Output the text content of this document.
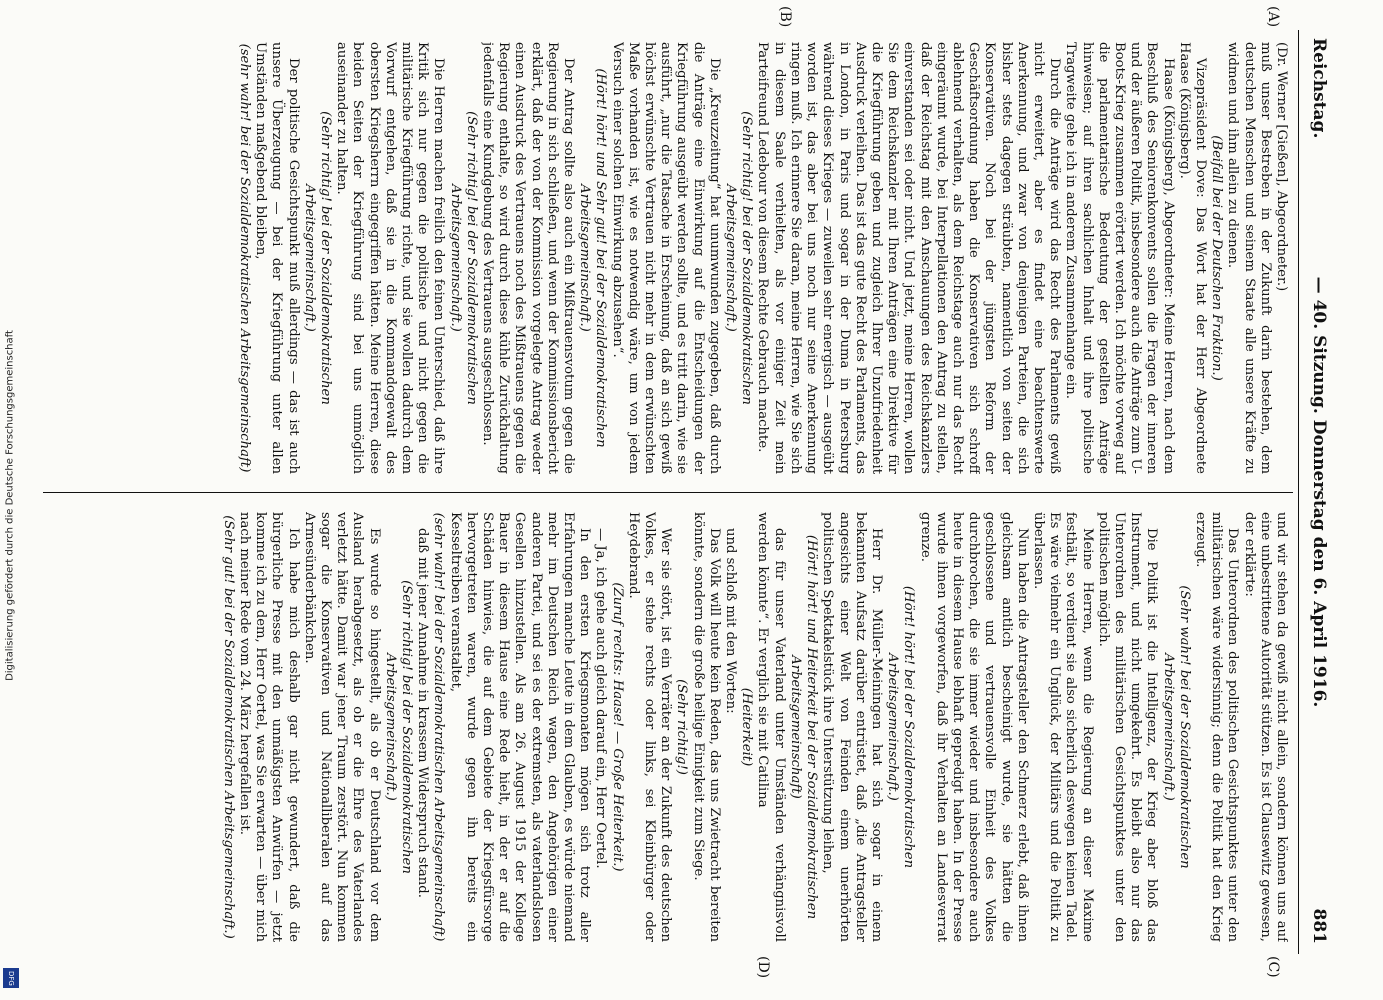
Digitalisierung gefördert durch die Deutsche Forschungsgemeinschaft
DFG
Reichstag.
— 40. Sitzung. Donnerstag den 6. April 1916.
881
(A)
(B)
(C)
(D)

(Dr. Werner [Gießen], Abgeordneter.)

muß unser Bestreben in der Zukunft darin bestehen, dem deutschen Menschen und seinem Staate alle unsere Kräfte zu widmen und ihm allein zu dienen.

(Beifall bei der Deutschen Fraktion.)

Vizepräsident Dove: Das Wort hat der Herr Abgeordnete Haase (Königsberg).

Haase (Königsberg), Abgeordneter: Meine Herren, nach dem Beschluß des Seniorenkonvents sollen die Fragen der inneren und der äußeren Politik, insbesondere auch die Anträge zum U-Boots-Krieg zusammen erörtert werden. Ich möchte vorweg auf die parlamentarische Bedeutung der gestellten Anträge hinweisen; auf ihren sachlichen Inhalt und ihre politische Tragweite gehe ich in anderem Zusammenhange ein.

Durch die Anträge wird das Recht des Parlaments gewiß nicht erweitert, aber es findet eine beachtenswerte Anerkennung, und zwar von denjenigen Parteien, die sich bisher stets dagegen sträubten, namentlich von seiten der Konservativen. Noch bei der jüngsten Reform der Geschäftsordnung haben die Konservativen sich schroff ablehnend verhalten, als dem Reichstage auch nur das Recht eingeräumt wurde, bei Interpellationen den Antrag zu stellen, daß der Reichstag mit den Anschauungen des Reichskanzlers einverstanden sei oder nicht. Und jetzt, meine Herren, wollen Sie dem Reichskanzler mit Ihren Anträgen eine Direktive für die Kriegführung geben und zugleich Ihrer Unzufriedenheit Ausdruck verleihen. Das ist das gute Recht des Parlaments, das in London, in Paris und sogar in der Duma in Petersburg während dieses Krieges — zuweilen sehr energisch — ausgeübt worden ist, das aber bei uns noch nur seine Anerkennung ringen muß. Ich erinnere Sie daran, meine Herren, wie Sie sich in diesem Saale verhielten, als vor einiger Zeit mein Parteifreund Ledebour von diesem Rechte Gebrauch machte.

(Sehr richtig! bei der Sozialdemokratischen Arbeitsgemeinschaft.)

Die „Kreuzzeitung“ hat unumwunden zugegeben, daß durch die Anträge eine Einwirkung auf die Entscheidungen der Kriegführung ausgeübt werden sollte, und es tritt darin, wie sie ausführt, „nur die Tatsache in Erscheinung, daß an sich gewiß höchst erwünschte Vertrauen nicht mehr in dem erwünschten Maße vorhanden ist, wie es notwendig wäre, um von jedem Versuch einer solchen Einwirkung abzusehen“.

(Hört! hört! und Sehr gut! bei der Sozialdemokratischen Arbeitsgemeinschaft.)

Der Antrag sollte also auch ein Mißtrauensvotum gegen die Regierung in sich schließen, und wenn der Kommissionsbericht erklärt, daß der von der Kommission vorgelegte Antrag weder einen Ausdruck des Vertrauens noch des Mißtrauens gegen die Regierung enthalte, so wird durch diese kühle Zurückhaltung jedenfalls eine Kundgebung des Vertrauens ausgeschlossen.

(Sehr richtig! bei der Sozialdemokratischen Arbeitsgemeinschaft.)

Die Herren machen freilich den feinen Unterschied, daß ihre Kritik sich nur gegen die politische und nicht gegen die militärische Kriegführung richte, und sie wollen dadurch dem Vorwurf entgehen, daß sie in die Kommandogewalt des obersten Kriegsherrn eingegriffen hätten. Meine Herren, diese beiden Seiten der Kriegführung sind bei uns unmöglich auseinander zu halten.

(Sehr richtig! bei der Sozialdemokratischen Arbeitsgemeinschaft.)

Der politische Gesichtspunkt muß allerdings — das ist auch unsere Überzeugung — bei der Kriegführung unter allen Umständen maßgebend bleiben,

(sehr wahr! bei der Sozialdemokratischen Arbeitsgemeinschaft)

und wir stehen da gewiß nicht allein, sondern können uns auf eine unbestrittene Autorität stützen. Es ist Clausewitz gewesen, der erklärte:

Das Unterordnen des politischen Gesichtspunktes unter den militärischen wäre widersinnig; denn die Politik hat den Krieg erzeugt.

(Sehr wahr! bei der Sozialdemokratischen Arbeitsgemeinschaft.)

Die Politik ist die Intelligenz, der Krieg aber bloß das Instrument, und nicht umgekehrt. Es bleibt also nur das Unterordnen des militärischen Gesichtspunktes unter den politischen möglich.

Meine Herren, wenn die Regierung an dieser Maxime festhält, so verdient sie also sicherlich deswegen keinen Tadel. Es wäre vielmehr ein Unglück, der Militärs und die Politik zu überlassen.

Nun haben die Antragsteller den Schmerz erlebt, daß ihnen gleichsam amtlich bescheinigt wurde, sie hätten die geschlossene und vertrauensvolle Einheit des Volkes durchbrochen, die sie immer wieder und insbesondere auch heute in diesem Hause lebhaft gepredigt haben. In der Presse wurde ihnen vorgeworfen, daß ihr Verhalten an Landesverrat grenze.

(Hört! hört! bei der Sozialdemokratischen Arbeitsgemeinschaft.)

Herr Dr. Müller-Meiningen hat sich sogar in einem bekannten Aufsatz darüber entrüstet, daß „die Antragsteller angesichts einer Welt von Feinden einem unerhörten politischen Spektakelstück ihre Unterstützung leihen,

(Hört! hört! und Heiterkeit bei der Sozialdemokratischen Arbeitsgemeinschaft)

das für unser Vaterland unter Umständen verhängnisvoll werden könnte“. Er verglich sie mit Catilina

(Heiterkeit)

und schloß mit den Worten:

Das Volk will heute kein Reden, das uns Zwietracht bereiten könnte, sondern die große heilige Einigkeit zum Siege.

(Sehr richtig!)

Wer sie stört, ist ein Verräter an der Zukunft des deutschen Volkes, er stehe rechts oder links, sei Kleinbürger oder Heydebrand.

(Zuruf rechts: Haase! — Große Heiterkeit.)

— Ja, ich gehe auch gleich darauf ein, Herr Oertel.

In den ersten Kriegsmonaten mögen sich trotz aller Erfahrungen manche Leute in dem Glauben, es würde niemand mehr im Deutschen Reich wagen, den Angehörigen einer anderen Partei, und sei es der extremsten, als vaterlandslosen Gesellen hinzustellen. Als am 26. August 1915 der Kollege Bauer in diesem Hause eine Rede hielt, in der er auf die Schäden hinwies, die auf dem Gebiete der Kriegsfürsorge hervorgetreten waren, wurde gegen ihn bereits ein Kesseltreiben veranstaltet,

(sehr wahr! bei der Sozialdemokratischen Arbeitsgemeinschaft)

daß mit jener Annahme in krassem Widerspruch stand.

(Sehr richtig! bei der Sozialdemokratischen Arbeitsgemeinschaft.)

Es wurde so hingestellt, als ob er Deutschland vor dem Ausland herabgesetzt, als ob er die Ehre des Vaterlandes verletzt hätte. Damit war jener Traum zerstört. Nun kommen sogar die Konservativen und Nationalliberalen auf das Armesünderbänkchen.

Ich habe mich deshalb gar nicht gewundert, daß die bürgerliche Presse mit den unmäßigsten Anwürfen — jetzt komme ich zu dem, Herr Oertel, was Sie erwarten — über mich nach meiner Rede vom 24. März hergefallen ist.

(Sehr gut! bei der Sozialdemokratischen Arbeitsgemeinschaft.)
